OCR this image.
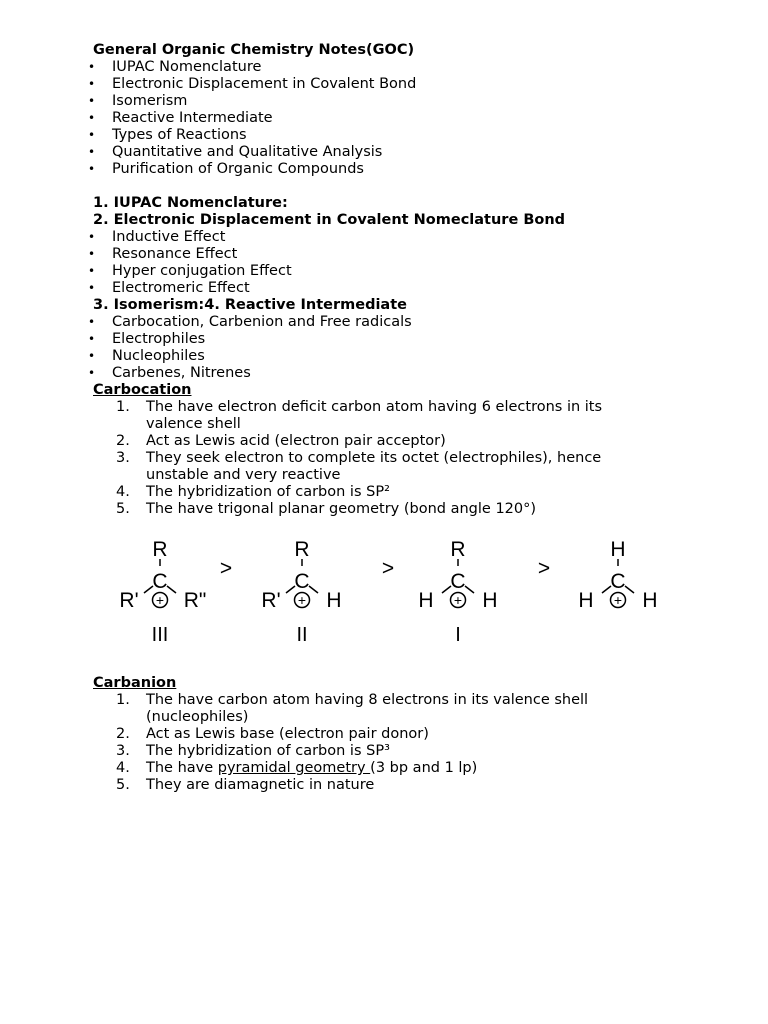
General Organic Chemistry Notes(GOC)
• IUPAC Nomenclature
• Electronic Displacement in Covalent Bond
• Isomerism
• Reactive Intermediate
• Types of Reactions
• Quantitative and Qualitative Analysis
• Purification of Organic Compounds
1. IUPAC Nomenclature:
2. Electronic Displacement in Covalent Nomeclature Bond
• Inductive Effect
• Resonance Effect
• Hyper conjugation Effect
• Electromeric Effect
3. Isomerism:4. Reactive Intermediate
• Carbocation, Carbenion and Free radicals
• Electrophiles
• Nucleophiles
• Carbenes, Nitrenes
Carbocation
1. The have electron deficit carbon atom having 6 electrons in its
valence shell
2. Act as Lewis acid (electron pair acceptor)
3. They seek electron to complete its octet (electrophiles), hence
unstable and very reactive
4. The hybridization of carbon is SP²
5. The have trigonal planar geometry (bond angle 120°)
R
C
R' R"
+
III
>
R
C
R' H
+
II
>
R
C
H H
+
I
>
H
C
H H
+
Carbanion
1. The have carbon atom having 8 electrons in its valence shell
(nucleophiles)
2. Act as Lewis base (electron pair donor)
3. The hybridization of carbon is SP³
4. The have pyramidal geometry (3 bp and 1 lp)
5. They are diamagnetic in nature
